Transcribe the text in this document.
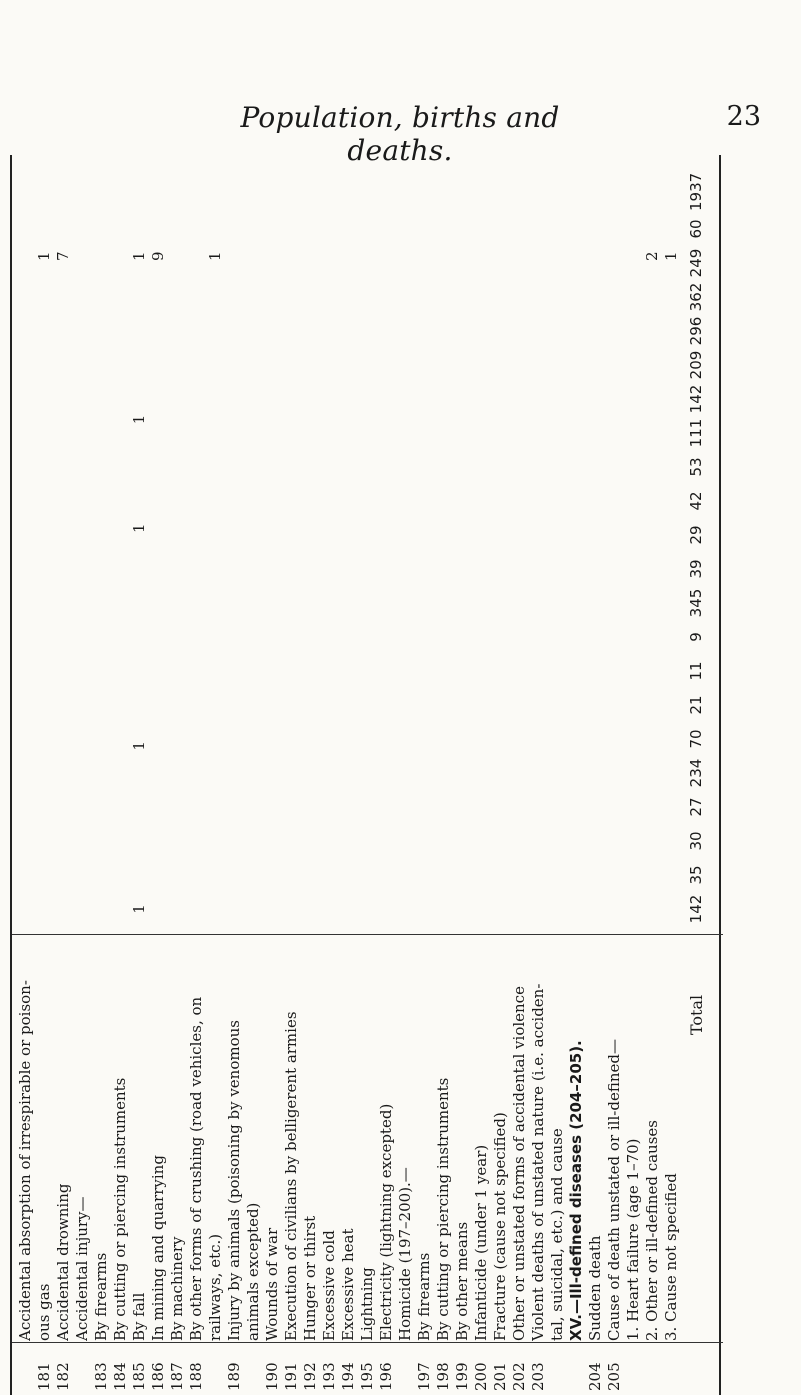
Population, births and deaths.
23
Accidental absorption of irrespirable or poison-
181
ous gas
1
182
Accidental drowning
7
Accidental injury—
183
By firearms
184
By cutting or piercing instruments
185
By fall
1
1
1
1
1
186
In mining and quarrying
9
187
By machinery
188
By other forms of crushing (road vehicles, on railways, etc.)
1
189
Injury by animals (poisoning by venomous animals excepted)
190
Wounds of war
191
Execution of civilians by belligerent armies
192
Hunger or thirst
193
Excessive cold
194
Excessive heat
195
Lightning
196
Electricity (lightning excepted) Homicide (197–200).—
197
By firearms
198
By cutting or piercing instruments
199
By other means
200
Infanticide (under 1 year)
201
Fracture (cause not specified)
202
Other or unstated forms of accidental violence
203
Violent deaths of unstated nature (i.e. acciden- tal, suicidal, etc.) and cause XV.—Ill-defined diseases (204–205).
204
Sudden death
205
Cause of death unstated or ill-defined— 1. Heart failure (age 1–70) 2. Other or ill-defined causes
2
3. Cause not specified
1
Total
142
35
30
27
234
70
21
11
9
345
39
29
42
53
111
142
209
296
362
249
60
1937
